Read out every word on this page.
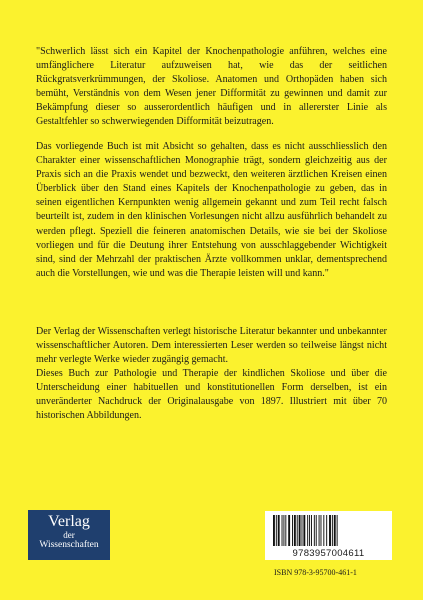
"Schwerlich lässt sich ein Kapitel der Knochenpathologie anführen, welches eine umfänglichere Literatur aufzuweisen hat, wie das der seitlichen Rückgratsverkrümmungen, der Skoliose. Anatomen und Orthopäden haben sich bemüht, Verständnis von dem Wesen jener Difformität zu gewinnen und damit zur Bekämpfung dieser so ausserordentlich häufigen und in allererster Linie als Gestaltfehler so schwerwiegenden Difformität beizutragen.

Das vorliegende Buch ist mit Absicht so gehalten, dass es nicht ausschliesslich den Charakter einer wissenschaftlichen Monographie trägt, sondern gleichzeitig aus der Praxis sich an die Praxis wendet und bezweckt, den weiteren ärztlichen Kreisen einen Überblick über den Stand eines Kapitels der Knochenpathologie zu geben, das in seinen eigentlichen Kernpunkten wenig allgemein gekannt und zum Teil recht falsch beurteilt ist, zudem in den klinischen Vorlesungen nicht allzu ausführlich behandelt zu werden pflegt. Speziell die feineren anatomischen Details, wie sie bei der Skoliose vorliegen und für die Deutung ihrer Entstehung von ausschlaggebender Wichtigkeit sind, sind der Mehrzahl der praktischen Ärzte vollkommen unklar, dementsprechend auch die Vorstellungen, wie und was die Therapie leisten will und kann."

Der Verlag der Wissenschaften verlegt historische Literatur bekannter und unbekannter wissenschaftlicher Autoren. Dem interessierten Leser werden so teilweise längst nicht mehr verlegte Werke wieder zugängig gemacht.

Dieses Buch zur Pathologie und Therapie der kindlichen Skoliose und über die Unterscheidung einer habituellen und konstitutionellen Form derselben, ist ein unveränderter Nachdruck der Originalausgabe von 1897. Illustriert mit über 70 historischen Abbildungen.

Verlag
der
Wissenschaften
9783957004611
ISBN 978-3-95700-461-1
